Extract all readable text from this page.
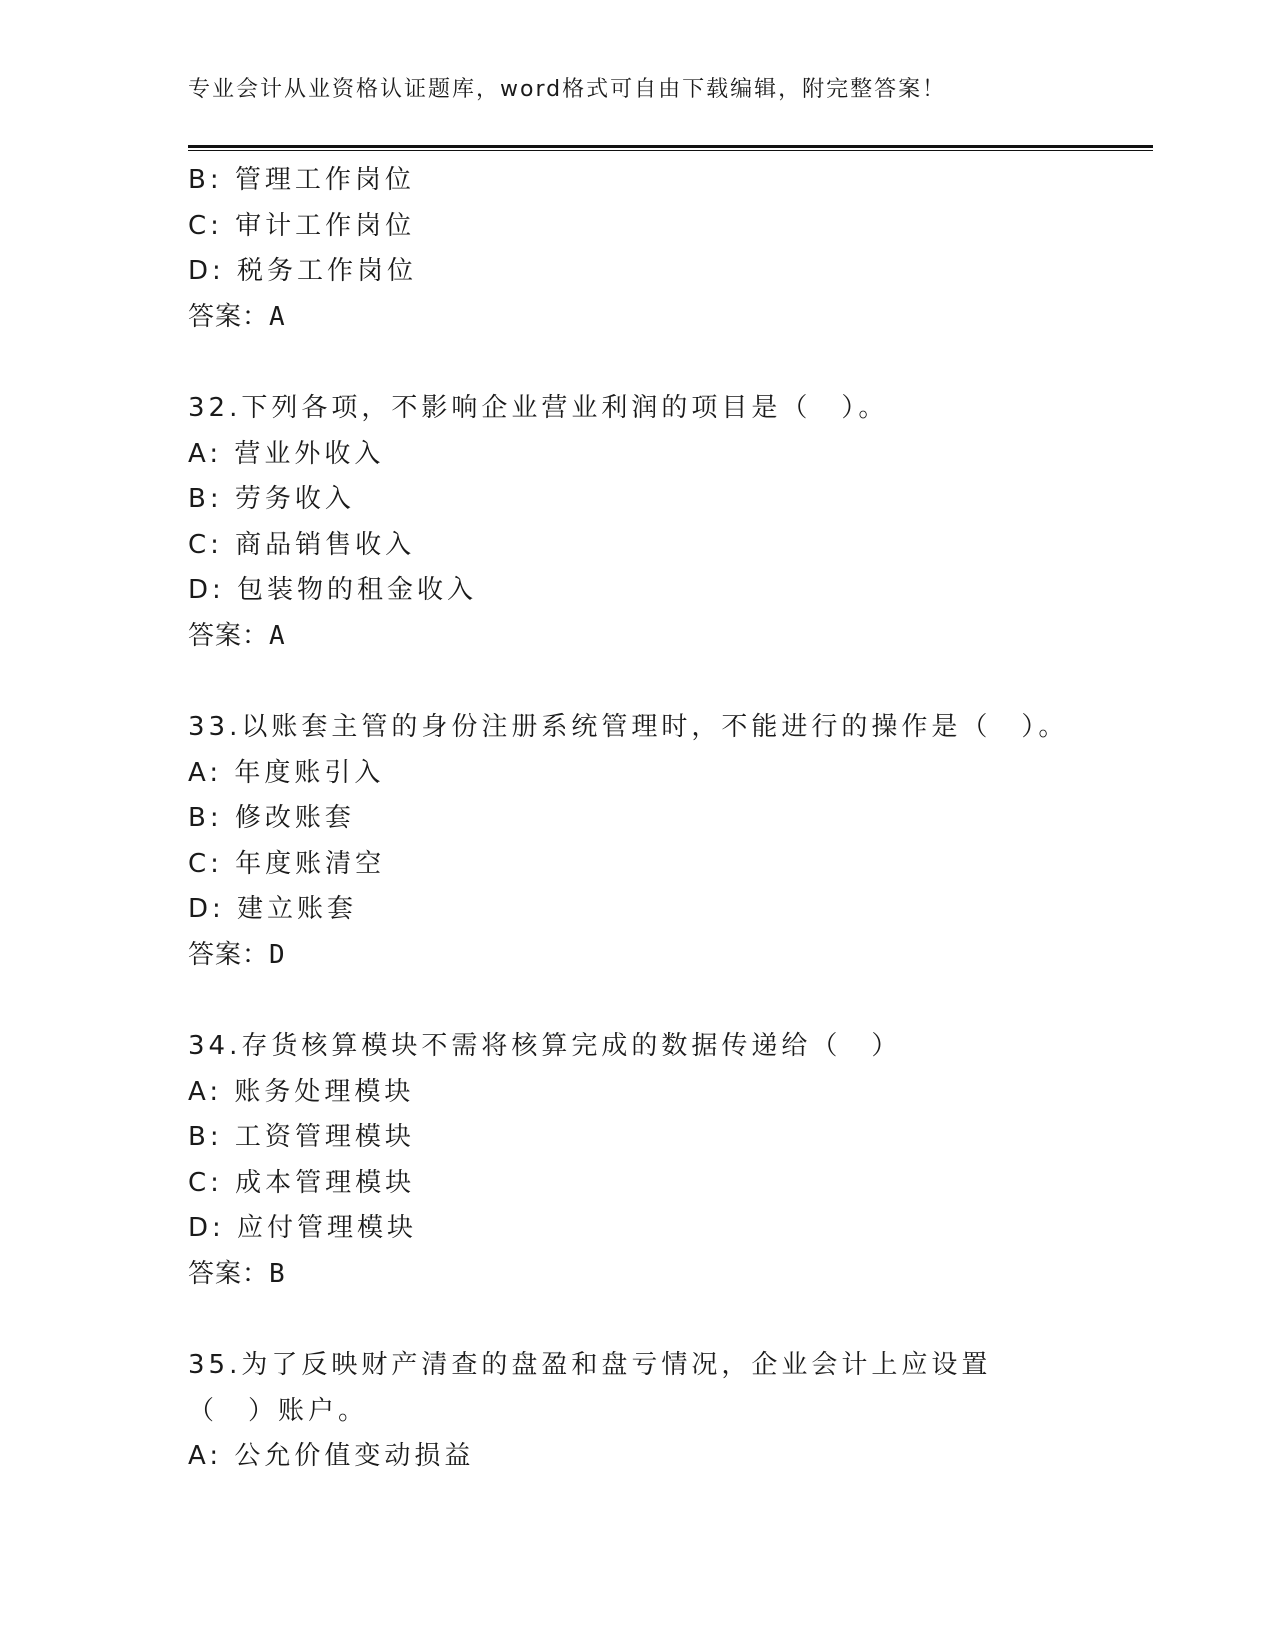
专业会计从业资格认证题库，word格式可自由下载编辑，附完整答案！
B: 管理工作岗位
C: 审计工作岗位
D: 税务工作岗位
答案：A
32.下列各项，不影响企业营业利润的项目是（　）。
A: 营业外收入
B: 劳务收入
C: 商品销售收入
D: 包装物的租金收入
答案：A
33.以账套主管的身份注册系统管理时，不能进行的操作是（　）。
A: 年度账引入
B: 修改账套
C: 年度账清空
D: 建立账套
答案：D
34.存货核算模块不需将核算完成的数据传递给（　）
A: 账务处理模块
B: 工资管理模块
C: 成本管理模块
D: 应付管理模块
答案：B
35.为了反映财产清查的盘盈和盘亏情况，企业会计上应设置（　）账户。
A: 公允价值变动损益
